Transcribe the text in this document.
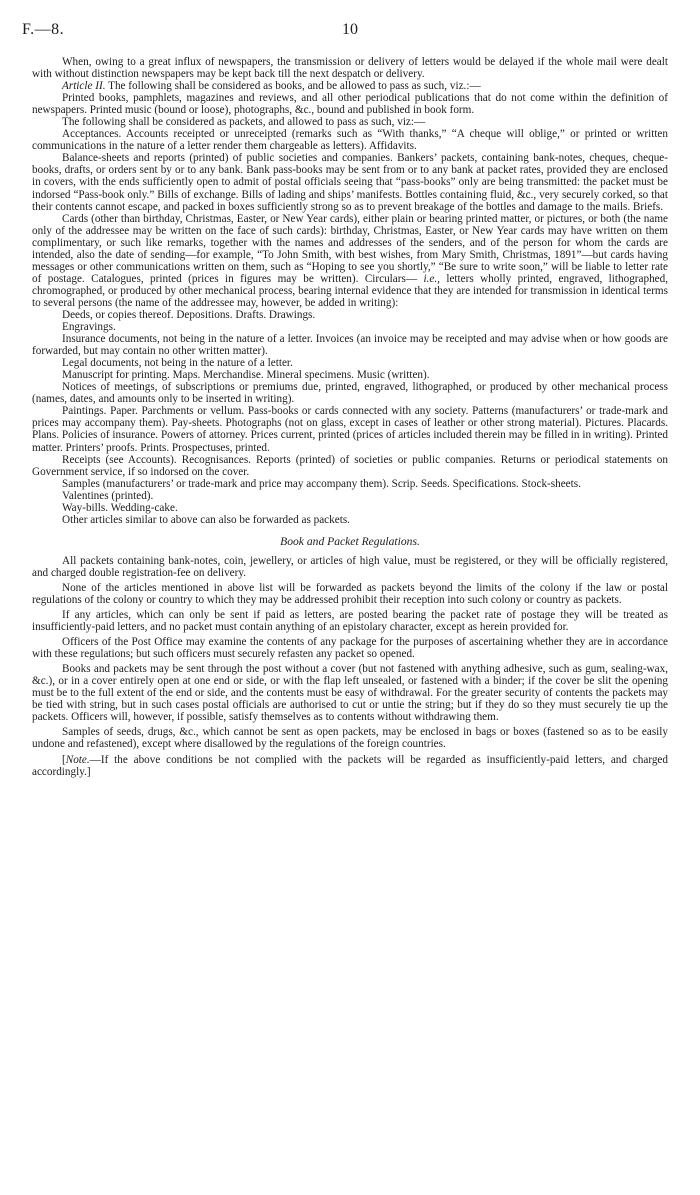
F.—8.	10

When, owing to a great influx of newspapers, the transmission or delivery of letters would be delayed if the whole mail were dealt with without distinction newspapers may be kept back till the next despatch or delivery.

Article II. The following shall be considered as books, and be allowed to pass as such, viz.:—

Printed books, pamphlets, magazines and reviews, and all other periodical publications that do not come within the definition of newspapers. Printed music (bound or loose), photographs, &c., bound and published in book form.

The following shall be considered as packets, and allowed to pass as such, viz:—

Acceptances. Accounts receipted or unreceipted (remarks such as “With thanks,” “A cheque will oblige,” or printed or written communications in the nature of a letter render them chargeable as letters). Affidavits.

Balance-sheets and reports (printed) of public societies and companies. Bankers’ packets, containing bank-notes, cheques, cheque-books, drafts, or orders sent by or to any bank. Bank pass-books may be sent from or to any bank at packet rates, provided they are enclosed in covers, with the ends sufficiently open to admit of postal officials seeing that “pass-books” only are being transmitted: the packet must be indorsed “Pass-book only.” Bills of exchange. Bills of lading and ships’ manifests. Bottles containing fluid, &c., very securely corked, so that their contents cannot escape, and packed in boxes sufficiently strong so as to prevent breakage of the bottles and damage to the mails. Briefs.

Cards (other than birthday, Christmas, Easter, or New Year cards), either plain or bearing printed matter, or pictures, or both (the name only of the addressee may be written on the face of such cards): birthday, Christmas, Easter, or New Year cards may have written on them complimentary, or such like remarks, together with the names and addresses of the senders, and of the person for whom the cards are intended, also the date of sending—for example, “To John Smith, with best wishes, from Mary Smith, Christmas, 1891”—but cards having messages or other communications written on them, such as “Hoping to see you shortly,” “Be sure to write soon,” will be liable to letter rate of postage. Catalogues, printed (prices in figures may be written). Circulars— i.e., letters wholly printed, engraved, lithographed, chromographed, or produced by other mechanical process, bearing internal evidence that they are intended for transmission in identical terms to several persons (the name of the addressee may, however, be added in writing):

Deeds, or copies thereof. Depositions. Drafts. Drawings.

Engravings.

Insurance documents, not being in the nature of a letter. Invoices (an invoice may be receipted and may advise when or how goods are forwarded, but may contain no other written matter).

Legal documents, not being in the nature of a letter.

Manuscript for printing. Maps. Merchandise. Mineral specimens. Music (written).

Notices of meetings, of subscriptions or premiums due, printed, engraved, lithographed, or produced by other mechanical process (names, dates, and amounts only to be inserted in writing).

Paintings. Paper. Parchments or vellum. Pass-books or cards connected with any society. Patterns (manufacturers’ or trade-mark and prices may accompany them). Pay-sheets. Photographs (not on glass, except in cases of leather or other strong material). Pictures. Placards. Plans. Policies of insurance. Powers of attorney. Prices current, printed (prices of articles included therein may be filled in in writing). Printed matter. Printers’ proofs. Prints. Prospectuses, printed.

Receipts (see Accounts). Recognisances. Reports (printed) of societies or public companies. Returns or periodical statements on Government service, if so indorsed on the cover.

Samples (manufacturers’ or trade-mark and price may accompany them). Scrip. Seeds. Specifications. Stock-sheets.

Valentines (printed).

Way-bills. Wedding-cake.

Other articles similar to above can also be forwarded as packets.

Book and Packet Regulations.

All packets containing bank-notes, coin, jewellery, or articles of high value, must be registered, or they will be officially registered, and charged double registration-fee on delivery.

None of the articles mentioned in above list will be forwarded as packets beyond the limits of the colony if the law or postal regulations of the colony or country to which they may be addressed prohibit their reception into such colony or country as packets.

If any articles, which can only be sent if paid as letters, are posted bearing the packet rate of postage they will be treated as insufficiently-paid letters, and no packet must contain anything of an epistolary character, except as herein provided for.

Officers of the Post Office may examine the contents of any package for the purposes of ascertaining whether they are in accordance with these regulations; but such officers must securely refasten any packet so opened.

Books and packets may be sent through the post without a cover (but not fastened with anything adhesive, such as gum, sealing-wax, &c.), or in a cover entirely open at one end or side, or with the flap left unsealed, or fastened with a binder; if the cover be slit the opening must be to the full extent of the end or side, and the contents must be easy of withdrawal. For the greater security of contents the packets may be tied with string, but in such cases postal officials are authorised to cut or untie the string; but if they do so they must securely tie up the packets. Officers will, however, if possible, satisfy themselves as to contents without withdrawing them.

Samples of seeds, drugs, &c., which cannot be sent as open packets, may be enclosed in bags or boxes (fastened so as to be easily undone and refastened), except where disallowed by the regulations of the foreign countries.

[Note.—If the above conditions be not complied with the packets will be regarded as insufficiently-paid letters, and charged accordingly.]
